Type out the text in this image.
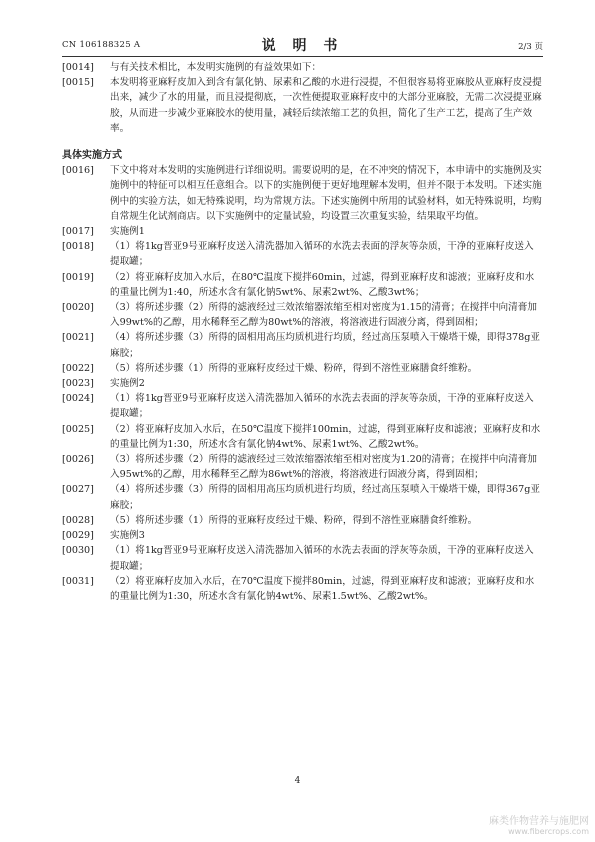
CN 106188325 A	说 明 书	2/3 页

[0014] 与有关技术相比，本发明实施例的有益效果如下：

[0015] 本发明将亚麻籽皮加入到含有氯化钠、尿素和乙酸的水进行浸提，不但很容易将亚麻胶从亚麻籽皮浸提出来，减少了水的用量，而且浸提彻底，一次性便提取亚麻籽皮中的大部分亚麻胶，无需二次浸提亚麻胶，从而进一步减少亚麻胶水的使用量，减轻后续浓缩工艺的负担，简化了生产工艺，提高了生产效率。

具体实施方式

[0016] 下文中将对本发明的实施例进行详细说明。需要说明的是，在不冲突的情况下，本申请中的实施例及实施例中的特征可以相互任意组合。以下的实施例便于更好地理解本发明，但并不限于本发明。下述实施例中的实验方法，如无特殊说明，均为常规方法。下述实施例中所用的试验材料，如无特殊说明，均购自常规生化试剂商店。以下实施例中的定量试验，均设置三次重复实验，结果取平均值。

[0017] 实施例1

[0018] （1）将1kg晋亚9号亚麻籽皮送入清洗器加入循环的水洗去表面的浮灰等杂质，干净的亚麻籽皮送入提取罐；

[0019] （2）将亚麻籽皮加入水后，在80℃温度下搅拌60min，过滤，得到亚麻籽皮和滤液；亚麻籽皮和水的重量比例为1:40，所述水含有氯化钠5wt%、尿素2wt%、乙酸3wt%；

[0020] （3）将所述步骤（2）所得的滤液经过三效浓缩器浓缩至相对密度为1.15的清膏；在搅拌中向清膏加入99wt%的乙醇，用水稀释至乙醇为80wt%的溶液，将溶液进行固液分离，得到固相；

[0021] （4）将所述步骤（3）所得的固相用高压均质机进行均质，经过高压泵喷入干燥塔干燥，即得378g亚麻胶；

[0022] （5）将所述步骤（1）所得的亚麻籽皮经过干燥、粉碎，得到不溶性亚麻膳食纤维粉。

[0023] 实施例2

[0024] （1）将1kg晋亚9号亚麻籽皮送入清洗器加入循环的水洗去表面的浮灰等杂质，干净的亚麻籽皮送入提取罐；

[0025] （2）将亚麻籽皮加入水后，在50℃温度下搅拌100min，过滤，得到亚麻籽皮和滤液；亚麻籽皮和水的重量比例为1:30，所述水含有氯化钠4wt%、尿素1wt%、乙酸2wt%。

[0026] （3）将所述步骤（2）所得的滤液经过三效浓缩器浓缩至相对密度为1.20的清膏；在搅拌中向清膏加入95wt%的乙醇，用水稀释至乙醇为86wt%的溶液，将溶液进行固液分离，得到固相；

[0027] （4）将所述步骤（3）所得的固相用高压均质机进行均质，经过高压泵喷入干燥塔干燥，即得367g亚麻胶；

[0028] （5）将所述步骤（1）所得的亚麻籽皮经过干燥、粉碎，得到不溶性亚麻膳食纤维粉。

[0029] 实施例3

[0030] （1）将1kg晋亚9号亚麻籽皮送入清洗器加入循环的水洗去表面的浮灰等杂质，干净的亚麻籽皮送入提取罐；

[0031] （2）将亚麻籽皮加入水后，在70℃温度下搅拌80min，过滤，得到亚麻籽皮和滤液；亚麻籽皮和水的重量比例为1:30，所述水含有氯化钠4wt%、尿素1.5wt%、乙酸2wt%。

4
麻类作物营养与施肥网
www.fibercrops.com
